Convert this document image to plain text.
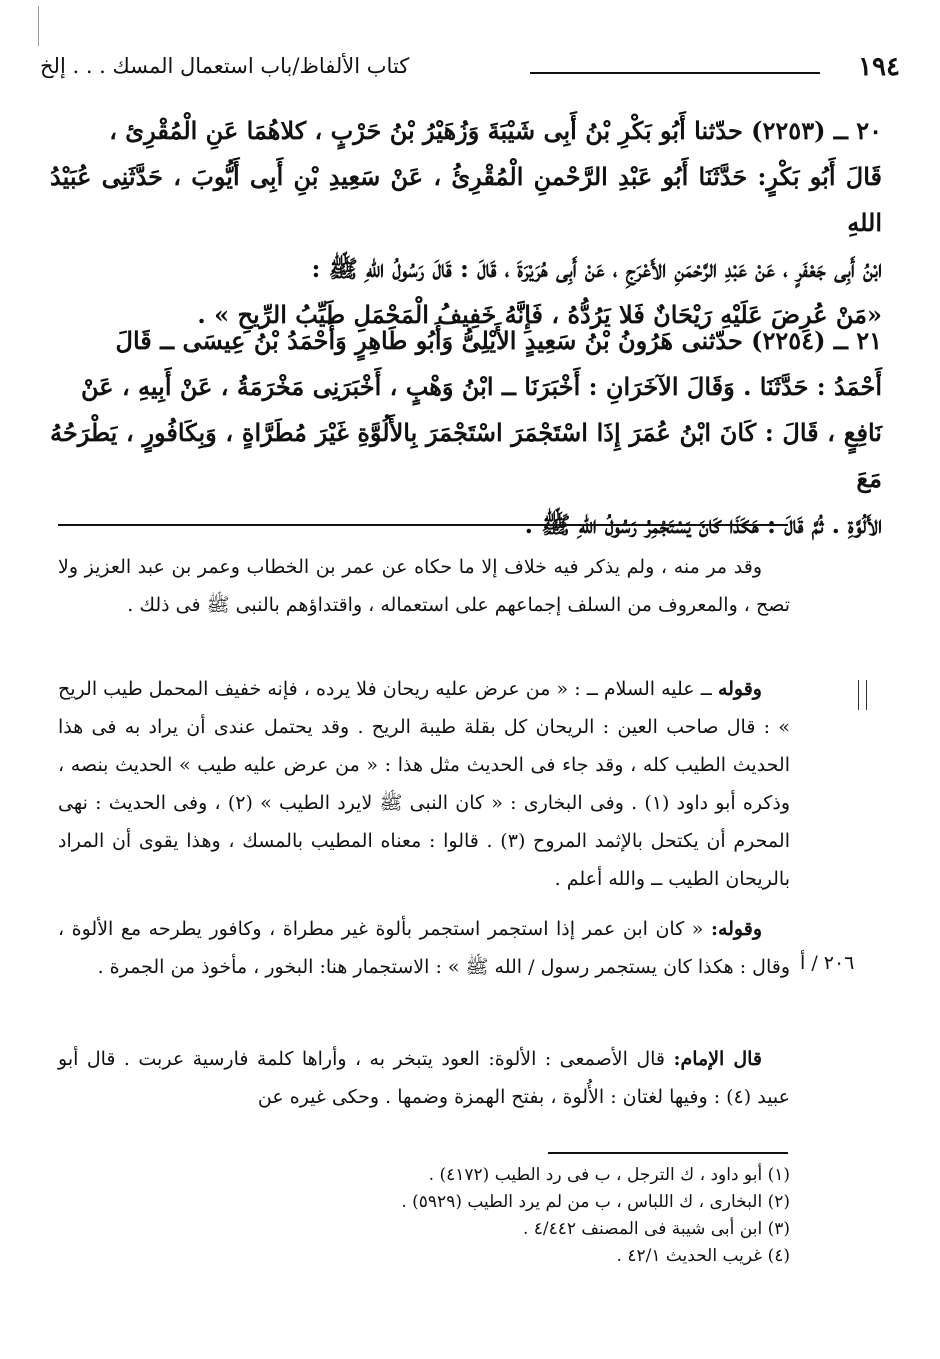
١٩٤
كتاب الألفاظ/باب استعمال المسك . . . إلخ
٢٠ ــ (٢٢٥٣) حدّثنا أَبُو بَكْرِ بْنُ أَبِى شَيْبَةَ وَزُهَيْرُ بْنُ حَرْبٍ ، كلاهُمَا عَنِ الْمُقْرِئ ،
قَالَ أَبُو بَكْرٍ: حَدَّثَنَا أَبُو عَبْدِ الرَّحْمنِ الْمُقْرِئُ ، عَنْ سَعِيدِ بْنِ أَبِى أَيُّوبَ ، حَدَّثَنِى عُبَيْدُ اللهِ
ابْنُ أَبِى جَعْفَرٍ ، عَنْ عَبْدِ الرَّحْمَنِ الأَعْرَجِ ، عَنْ أَبِى هُرَيْرَةَ ، قَالَ : قَالَ رَسُولُ اللهِ ﷺ :
«مَنْ عُرِضَ عَلَيْهِ رَيْحَانٌ فَلا يَرُدُّهُ ، فَإِنَّهُ خَفِيفُ الْمَحْمَلِ طَيِّبُ الرِّيحِ » .
٢١ ــ (٢٢٥٤) حدّثنى هَرُونُ بْنُ سَعِيدٍ الأَيْلِىُّ وَأَبُو طَاهِرٍ وَأَحْمَدُ بْنُ عِيسَى ــ قَالَ
أَحْمَدُ : حَدَّثَنَا . وَقَالَ الآخَرَانِ : أَخْبَرَنَا ــ ابْنُ وَهْبٍ ، أَخْبَرَنِى مَخْرَمَةُ ، عَنْ أَبِيهِ ، عَنْ
نَافِعٍ ، قَالَ : كَانَ ابْنُ عُمَرَ إِذَا اسْتَجْمَرَ اسْتَجْمَرَ بِالأَلُوَّةِ غَيْرَ مُطَرَّاةٍ ، وَبِكَافُورٍ ، يَطْرَحُهُ مَعَ
الأَلُوَّةِ . ثُمَّ قَالَ : هَكَذَا كَانَ يَسْتَجْمِرُ رَسُولُ اللهِ ﷺ .

وقد مر منه ، ولم يذكر فيه خلاف إلا ما حكاه عن عمر بن الخطاب وعمر بن عبد العزيز ولا تصح ، والمعروف من السلف إجماعهم على استعماله ، واقتداؤهم بالنبى ﷺ فى ذلك .

وقوله ــ عليه السلام ــ : « من عرض عليه ريحان فلا يرده ، فإنه خفيف المحمل طيب الريح » : قال صاحب العين : الريحان كل بقلة طيبة الريح . وقد يحتمل عندى أن يراد به فى هذا الحديث الطيب كله ، وقد جاء فى الحديث مثل هذا : « من عرض عليه طيب » الحديث بنصه ، وذكره أبو داود (١) . وفى البخارى : « كان النبى ﷺ لايرد الطيب » (٢) ، وفى الحديث : نهى المحرم أن يكتحل بالإثمد المروح (٣) . قالوا : معناه المطيب بالمسك ، وهذا يقوى أن المراد بالريحان الطيب ــ والله أعلم .

وقوله: « كان ابن عمر إذا استجمر استجمر بألوة غير مطراة ، وكافور يطرحه مع الألوة ، وقال : هكذا كان يستجمر رسول / الله ﷺ » : الاستجمار هنا: البخور ، مأخوذ من الجمرة . ٢٠٦ / أ

قال الإمام: قال الأصمعى : الألوة: العود يتبخر به ، وأراها كلمة فارسية عربت . قال أبو عبيد (٤) : وفيها لغتان : الأُلوة ، بفتح الهمزة وضمها . وحكى غيره عن

(١) أبو داود ، ك الترجل ، ب فى رد الطيب (٤١٧٢) .
(٢) البخارى ، ك اللباس ، ب من لم يرد الطيب (٥٩٢٩) .
(٣) ابن أبى شيبة فى المصنف ٤/٤٤٢ .
(٤) غريب الحديث ٤٢/١ .
